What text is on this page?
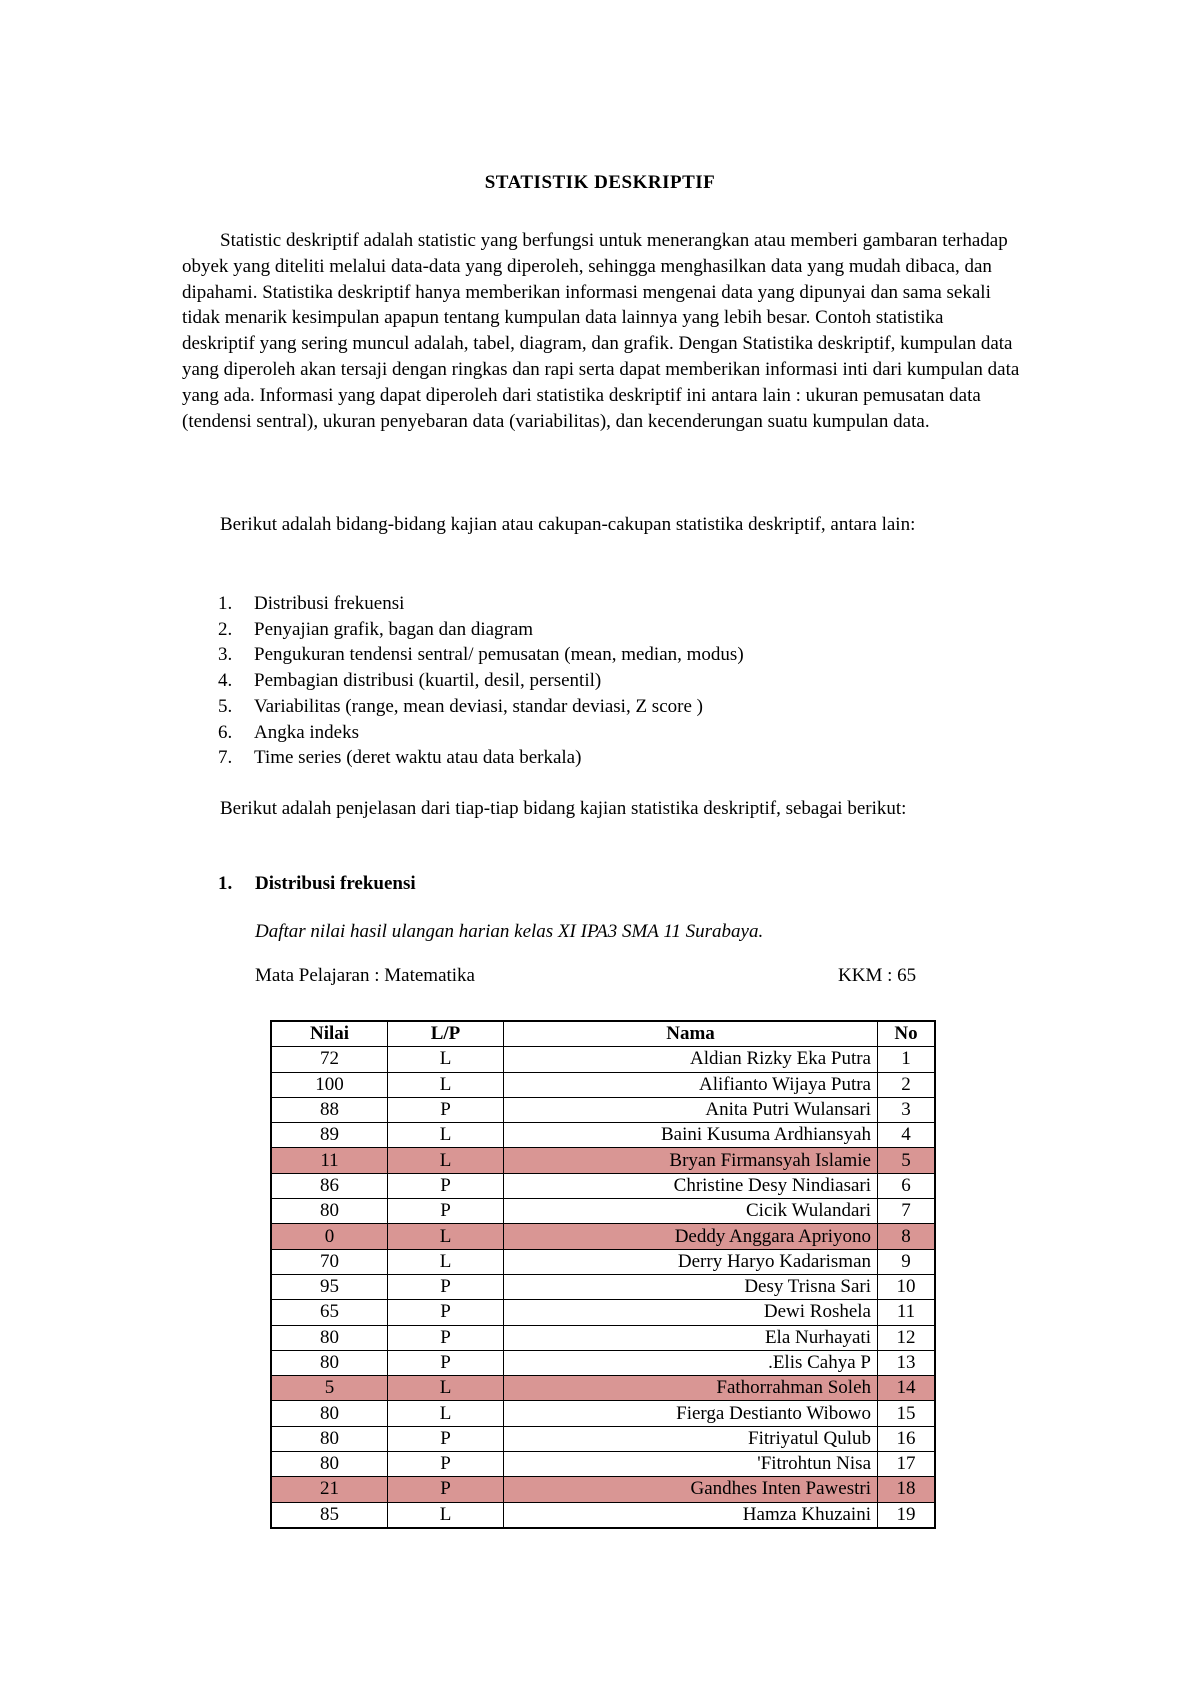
STATISTIK DESKRIPTIF

Statistic deskriptif adalah statistic yang berfungsi untuk menerangkan atau memberi gambaran terhadap obyek yang diteliti melalui data-data yang diperoleh, sehingga menghasilkan data yang mudah dibaca, dan dipahami. Statistika deskriptif hanya memberikan informasi mengenai data yang dipunyai dan sama sekali tidak menarik kesimpulan apapun tentang kumpulan data lainnya yang lebih besar. Contoh statistika deskriptif yang sering muncul adalah, tabel, diagram, dan grafik. Dengan Statistika deskriptif, kumpulan data yang diperoleh akan tersaji dengan ringkas dan rapi serta dapat memberikan informasi inti dari kumpulan data yang ada. Informasi yang dapat diperoleh dari statistika deskriptif ini antara lain : ukuran pemusatan data (tendensi sentral), ukuran penyebaran data (variabilitas), dan kecenderungan suatu kumpulan data.

Berikut adalah bidang-bidang kajian atau cakupan-cakupan statistika deskriptif, antara lain:

1. Distribusi frekuensi
2. Penyajian grafik, bagan dan diagram
3. Pengukuran tendensi sentral/ pemusatan (mean, median, modus)
4. Pembagian distribusi (kuartil, desil, persentil)
5. Variabilitas (range, mean deviasi, standar deviasi, Z score )
6. Angka indeks
7. Time series (deret waktu atau data berkala)

Berikut adalah penjelasan dari tiap-tiap bidang kajian statistika deskriptif, sebagai berikut:

1. Distribusi frekuensi
Daftar nilai hasil ulangan harian kelas XI IPA3 SMA 11 Surabaya.
Mata Pelajaran : Matematika	KKM : 65
Nilai	L/P	Nama	No
72	L	Aldian Rizky Eka Putra	1
100	L	Alifianto Wijaya Putra	2
88	P	Anita Putri Wulansari	3
89	L	Baini Kusuma Ardhiansyah	4
11	L	Bryan Firmansyah Islamie	5
86	P	Christine Desy Nindiasari	6
80	P	Cicik Wulandari	7
0	L	Deddy Anggara Apriyono	8
70	L	Derry Haryo Kadarisman	9
95	P	Desy Trisna Sari	10
65	P	Dewi Roshela	11
80	P	Ela Nurhayati	12
80	P	.Elis Cahya P	13
5	L	Fathorrahman Soleh	14
80	L	Fierga Destianto Wibowo	15
80	P	Fitriyatul Qulub	16
80	P	'Fitrohtun Nisa	17
21	P	Gandhes Inten Pawestri	18
85	L	Hamza Khuzaini	19
